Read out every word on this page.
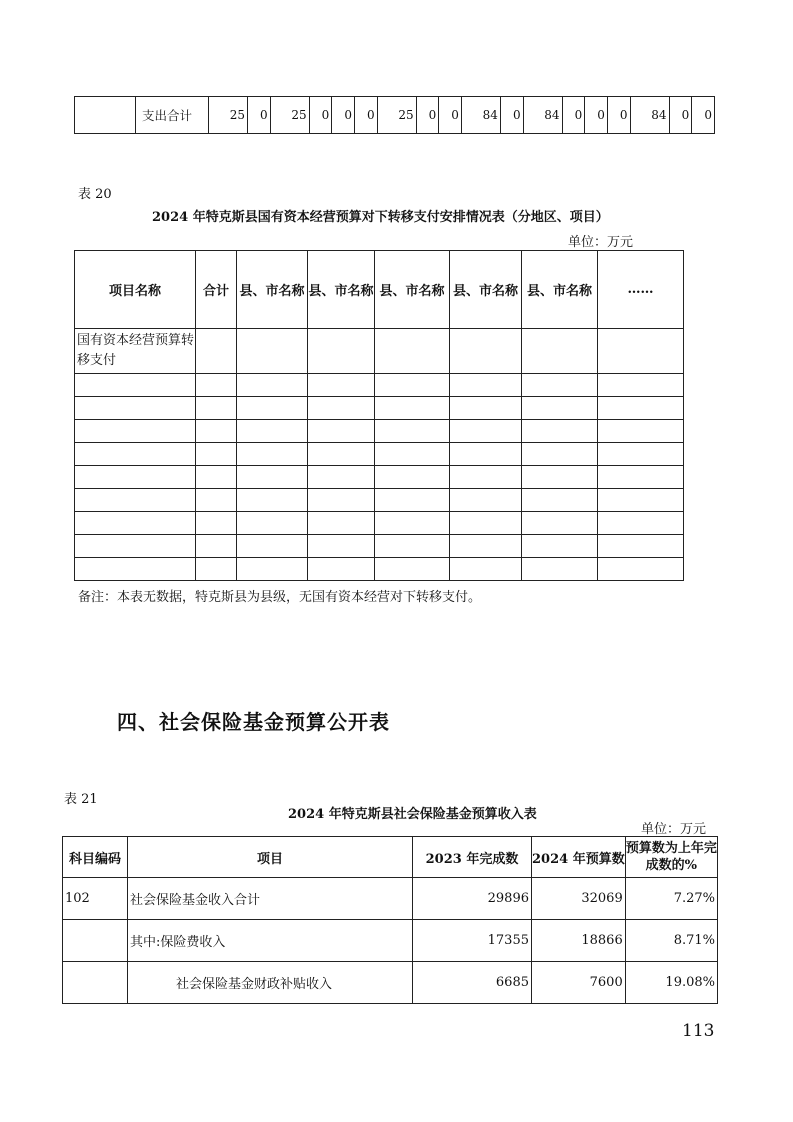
	支出合计	25	0	25	0	0	0	25	0	0	84	0	84	0	0	0	84	0	0
表 20
2024 年特克斯县国有资本经营预算对下转移支付安排情况表（分地区、项目）
单位：万元
项目名称	合计	县、市名称	县、市名称	县、市名称	县、市名称	县、市名称	……
国有资本经营预算转移支付							

备注：本表无数据，特克斯县为县级，无国有资本经营对下转移支付。
四、社会保险基金预算公开表
表 21
2024 年特克斯县社会保险基金预算收入表
单位：万元
科目编码	项目	2023 年完成数	2024 年预算数	预算数为上年完成数的%
102	社会保险基金收入合计	29896	32069	7.27%
	其中:保险费收入	17355	18866	8.71%
	社会保险基金财政补贴收入	6685	7600	19.08%
113
